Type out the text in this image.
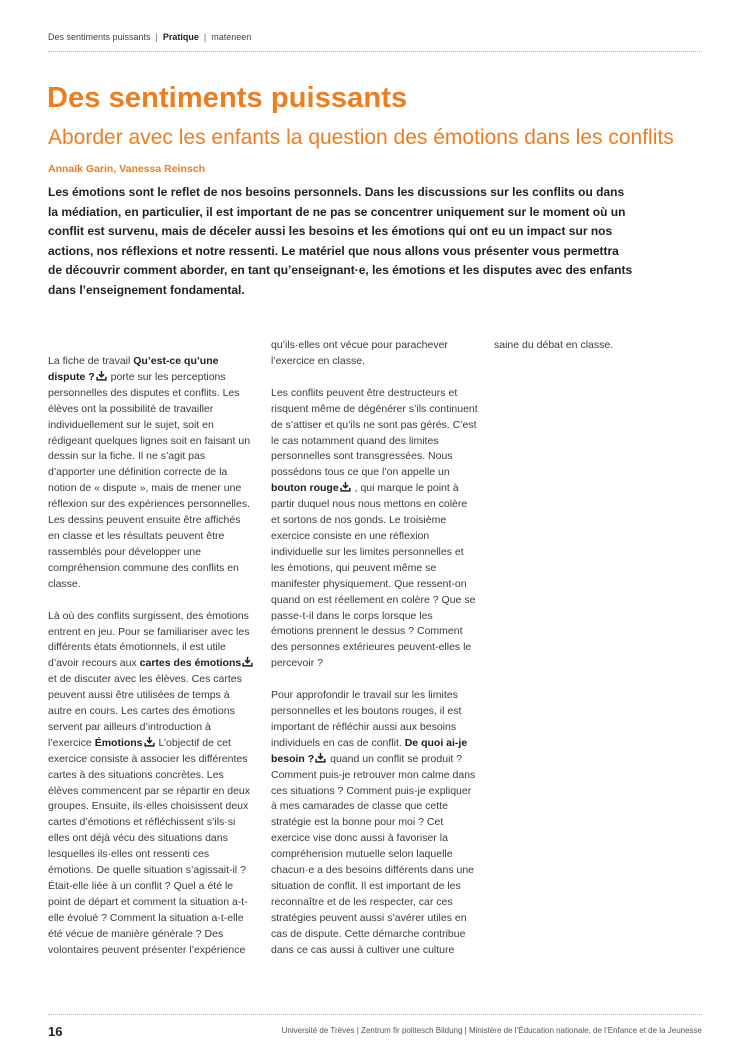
Des sentiments puissants | Pratique | mateneen
Des sentiments puissants
Aborder avec les enfants la question des émotions dans les conflits
Annaïk Garin, Vanessa Reinsch

Les émotions sont le reflet de nos besoins personnels. Dans les discussions sur les conflits ou dans la médiation, en particulier, il est important de ne pas se concentrer uniquement sur le moment où un conflit est survenu, mais de déceler aussi les besoins et les émotions qui ont eu un impact sur nos actions, nos réflexions et notre ressenti. Le matériel que nous allons vous présenter vous permettra de découvrir comment aborder, en tant qu’enseignant·e, les émotions et les disputes avec des enfants dans l’enseignement fondamental.

La fiche de travail Qu’est-ce qu’une dispute ? porte sur les perceptions personnelles des disputes et conflits. Les élèves ont la possibilité de travailler individuellement sur le sujet, soit en rédigeant quelques lignes soit en faisant un dessin sur la fiche. Il ne s’agit pas d’apporter une définition correcte de la notion de « dispute », mais de mener une réflexion sur des expériences personnelles. Les dessins peuvent ensuite être affichés en classe et les résultats peuvent être rassemblés pour développer une compréhension commune des conflits en classe.

Là où des conflits surgissent, des émotions entrent en jeu. Pour se familiariser avec les différents états émotionnels, il est utile d’avoir recours aux cartes des émotions et de discuter avec les élèves. Ces cartes peuvent aussi être utilisées de temps à autre en cours. Les cartes des émotions servent par ailleurs d’introduction à l’exercice Émotions L’objectif de cet exercice consiste à associer les différentes cartes à des situations concrètes. Les élèves commencent par se répartir en deux groupes. Ensuite, ils·elles choisissent deux cartes d’émotions et réfléchissent s’ils·si elles ont déjà vécu des situations dans lesquelles ils·elles ont ressenti ces émotions. De quelle situation s’agissait-il ? Était-elle liée à un conflit ? Quel a été le point de départ et comment la situation a-t-elle évolué ? Comment la situation a-t-elle été vécue de manière générale ? Des volontaires peuvent présenter l’expérience

qu’ils·elles ont vécue pour parachever l’exercice en classe.

Les conflits peuvent être destructeurs et risquent même de dégénérer s’ils continuent de s’attiser et qu’ils ne sont pas gérés. C’est le cas notamment quand des limites personnelles sont transgressées. Nous possédons tous ce que l’on appelle un bouton rouge , qui marque le point à partir duquel nous nous mettons en colère et sortons de nos gonds. Le troisième exercice consiste en une réflexion individuelle sur les limites personnelles et les émotions, qui peuvent même se manifester physiquement. Que ressent-on quand on est réellement en colère ? Que se passe-t-il dans le corps lorsque les émotions prennent le dessus ? Comment des personnes extérieures peuvent-elles le percevoir ?

Pour approfondir le travail sur les limites personnelles et les boutons rouges, il est important de réfléchir aussi aux besoins individuels en cas de conflit. De quoi ai-je besoin ? quand un conflit se produit ? Comment puis-je retrouver mon calme dans ces situations ? Comment puis-je expliquer à mes camarades de classe que cette stratégie est la bonne pour moi ? Cet exercice vise donc aussi à favoriser la compréhension mutuelle selon laquelle chacun·e a des besoins différents dans une situation de conflit. Il est important de les reconnaître et de les respecter, car ces stratégies peuvent aussi s’avérer utiles en cas de dispute. Cette démarche contribue dans ce cas aussi à cultiver une culture

saine du débat en classe.

16	Université de Trèves | Zentrum fir politesch Bildung | Ministère de l’Éducation nationale, de l’Enfance et de la Jeunesse
